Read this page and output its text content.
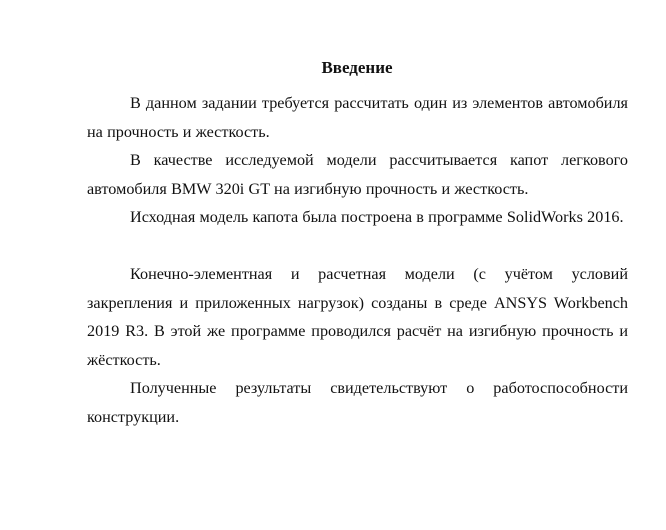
Введение

В данном задании требуется рассчитать один из элементов автомобиля на прочность и жесткость.

В качестве исследуемой модели рассчитывается капот легкового автомобиля BMW 320i GT на изгибную прочность и жесткость.

Исходная модель капота была построена в программе SolidWorks 2016.

Конечно-элементная и расчетная модели (с учётом условий закрепления и приложенных нагрузок) созданы в среде ANSYS Workbench 2019 R3. В этой же программе проводился расчёт на изгибную прочность и жёсткость.

Полученные результаты свидетельствуют о работоспособности конструкции.
